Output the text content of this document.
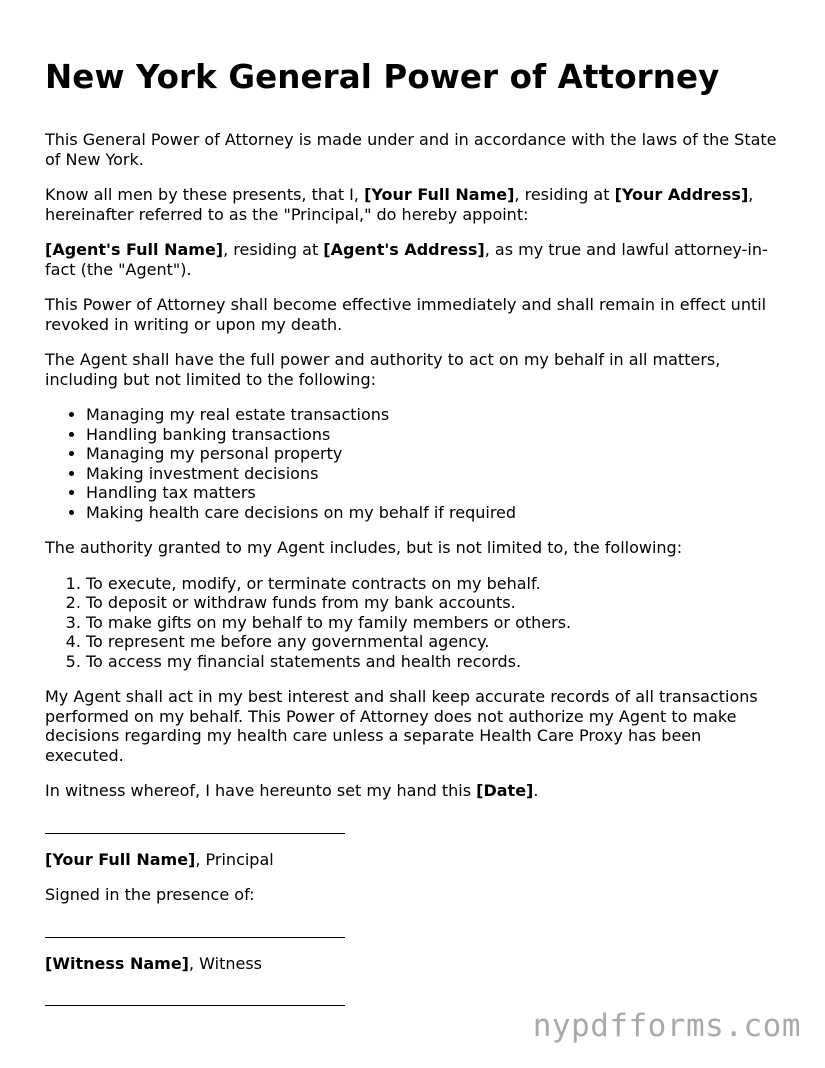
New York General Power of Attorney

This General Power of Attorney is made under and in accordance with the laws of the State of New York.

Know all men by these presents, that I, [Your Full Name], residing at [Your Address], hereinafter referred to as the "Principal," do hereby appoint:

[Agent's Full Name], residing at [Agent's Address], as my true and lawful attorney-in-fact (the "Agent").

This Power of Attorney shall become effective immediately and shall remain in effect until revoked in writing or upon my death.

The Agent shall have the full power and authority to act on my behalf in all matters, including but not limited to the following:

• Managing my real estate transactions
• Handling banking transactions
• Managing my personal property
• Making investment decisions
• Handling tax matters
• Making health care decisions on my behalf if required

The authority granted to my Agent includes, but is not limited to, the following:

1. To execute, modify, or terminate contracts on my behalf.
2. To deposit or withdraw funds from my bank accounts.
3. To make gifts on my behalf to my family members or others.
4. To represent me before any governmental agency.
5. To access my financial statements and health records.

My Agent shall act in my best interest and shall keep accurate records of all transactions performed on my behalf. This Power of Attorney does not authorize my Agent to make decisions regarding my health care unless a separate Health Care Proxy has been executed.

In witness whereof, I have hereunto set my hand this [Date].

[Your Full Name], Principal

Signed in the presence of:

[Witness Name], Witness

nypdfforms.com
